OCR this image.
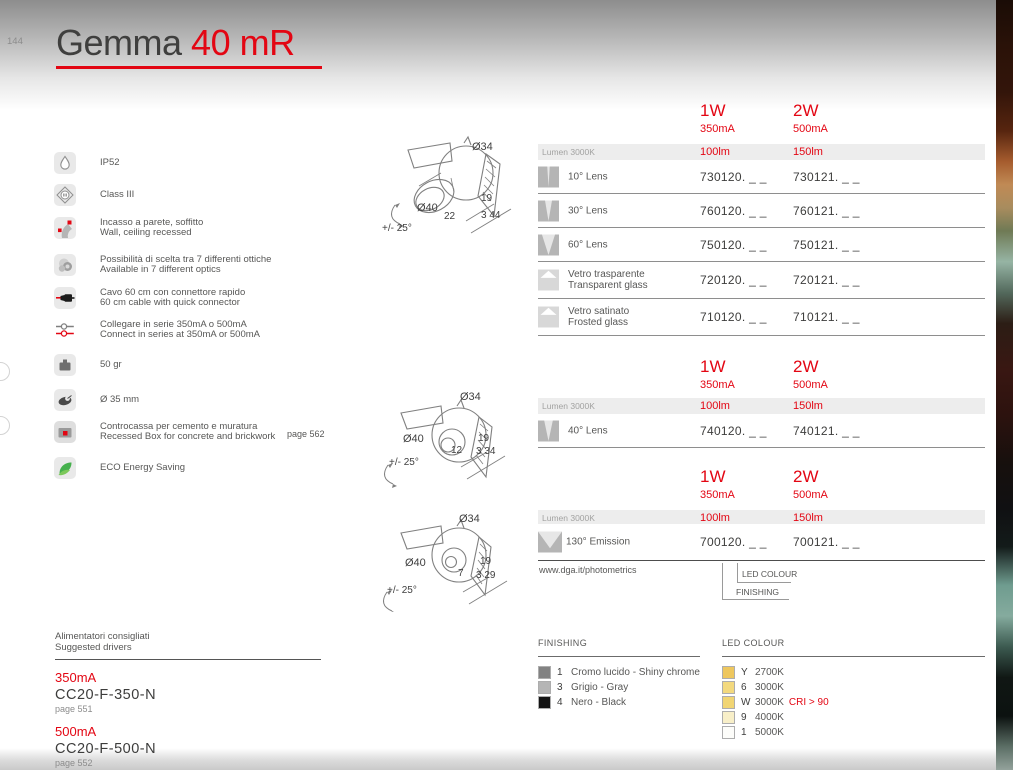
144 Gemma 40 mR
IP52
Class III
Incasso a parete, soffitto
Wall, ceiling recessed
Possibilità di scelta tra 7 differenti ottiche
Available in 7 different optics
Cavo 60 cm con connettore rapido
60 cm cable with quick connector
Collegare in serie 350mA o 500mA
Connect in series at 350mA or 500mA
50 gr
Ø 35 mm
Controcassa per cemento e muratura
Recessed Box for concrete and brickwork page 562
ECO Energy Saving
Ø34
Ø40
22
19
3 44
+/- 25°
Ø34
Ø40
12
19
3 34
+/- 25°
Ø34
Ø40
7
19
3 29
+/- 25°
1W
350mA
2W
500mA
Lumen 3000K	100lm	150lm
10° Lens	730120. _ _ 730121. _ _
30° Lens	760120. _ _ 760121. _ _
60° Lens	750120. _ _ 750121. _ _
Vetro trasparente
Transparent glass	720120. _ _ 720121. _ _
Vetro satinato
Frosted glass	710120. _ _ 710121. _ _
1W
350mA
2W
500mA
Lumen 3000K	100lm	150lm
40° Lens	740120. _ _ 740121. _ _
1W
350mA
2W
500mA
Lumen 3000K	100lm	150lm
130° Emission	700120. _ _ 700121. _ _
www.dga.it/photometrics	LED COLOUR
FINISHING
FINISHING
1 Cromo lucido - Shiny chrome
3 Grigio - Gray
4 Nero - Black
LED COLOUR
Y 2700K
6 3000K
W 3000K CRI > 90
9 4000K
1 5000K
Alimentatori consigliati
Suggested drivers
350mA
CC20-F-350-N
page 551
500mA
CC20-F-500-N
page 552
